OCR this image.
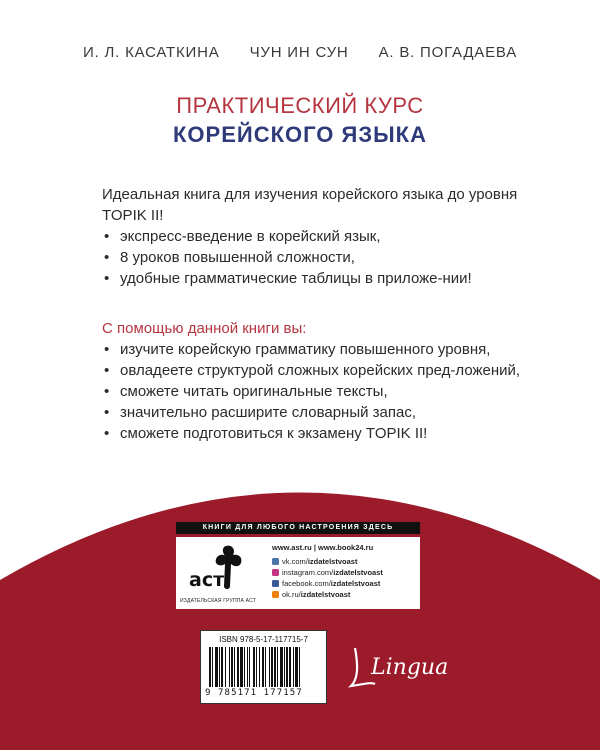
И. Л. КАСАТКИНА ЧУН ИН СУН А. В. ПОГАДАЕВА
ПРАКТИЧЕСКИЙ КУРС
КОРЕЙСКОГО ЯЗЫКА
Идеальная книга для изучения корейского языка до уровня TOPIK II!
• экспресс-введение в корейский язык,
• 8 уроков повышенной сложности,
• удобные грамматические таблицы в приложе-нии!
С помощью данной книги вы:
• изучите корейскую грамматику повышенного уровня,
• овладеете структурой сложных корейских пред-ложений,
• сможете читать оригинальные тексты,
• значительно расширите словарный запас,
• сможете подготовиться к экзамену TOPIK II!
КНИГИ ДЛЯ ЛЮБОГО НАСТРОЕНИЯ ЗДЕСЬ
аст
ИЗДАТЕЛЬСКАЯ ГРУППА АСТ
www.ast.ru | www.book24.ru
vk.com/ izdatelstvoast
instagram.com/ izdatelstvoast
facebook.com/ izdatelstvoast
ok.ru/ izdatelstvoast
ISBN 978-5-17-117715-7
9 785171 177157
Lingua
